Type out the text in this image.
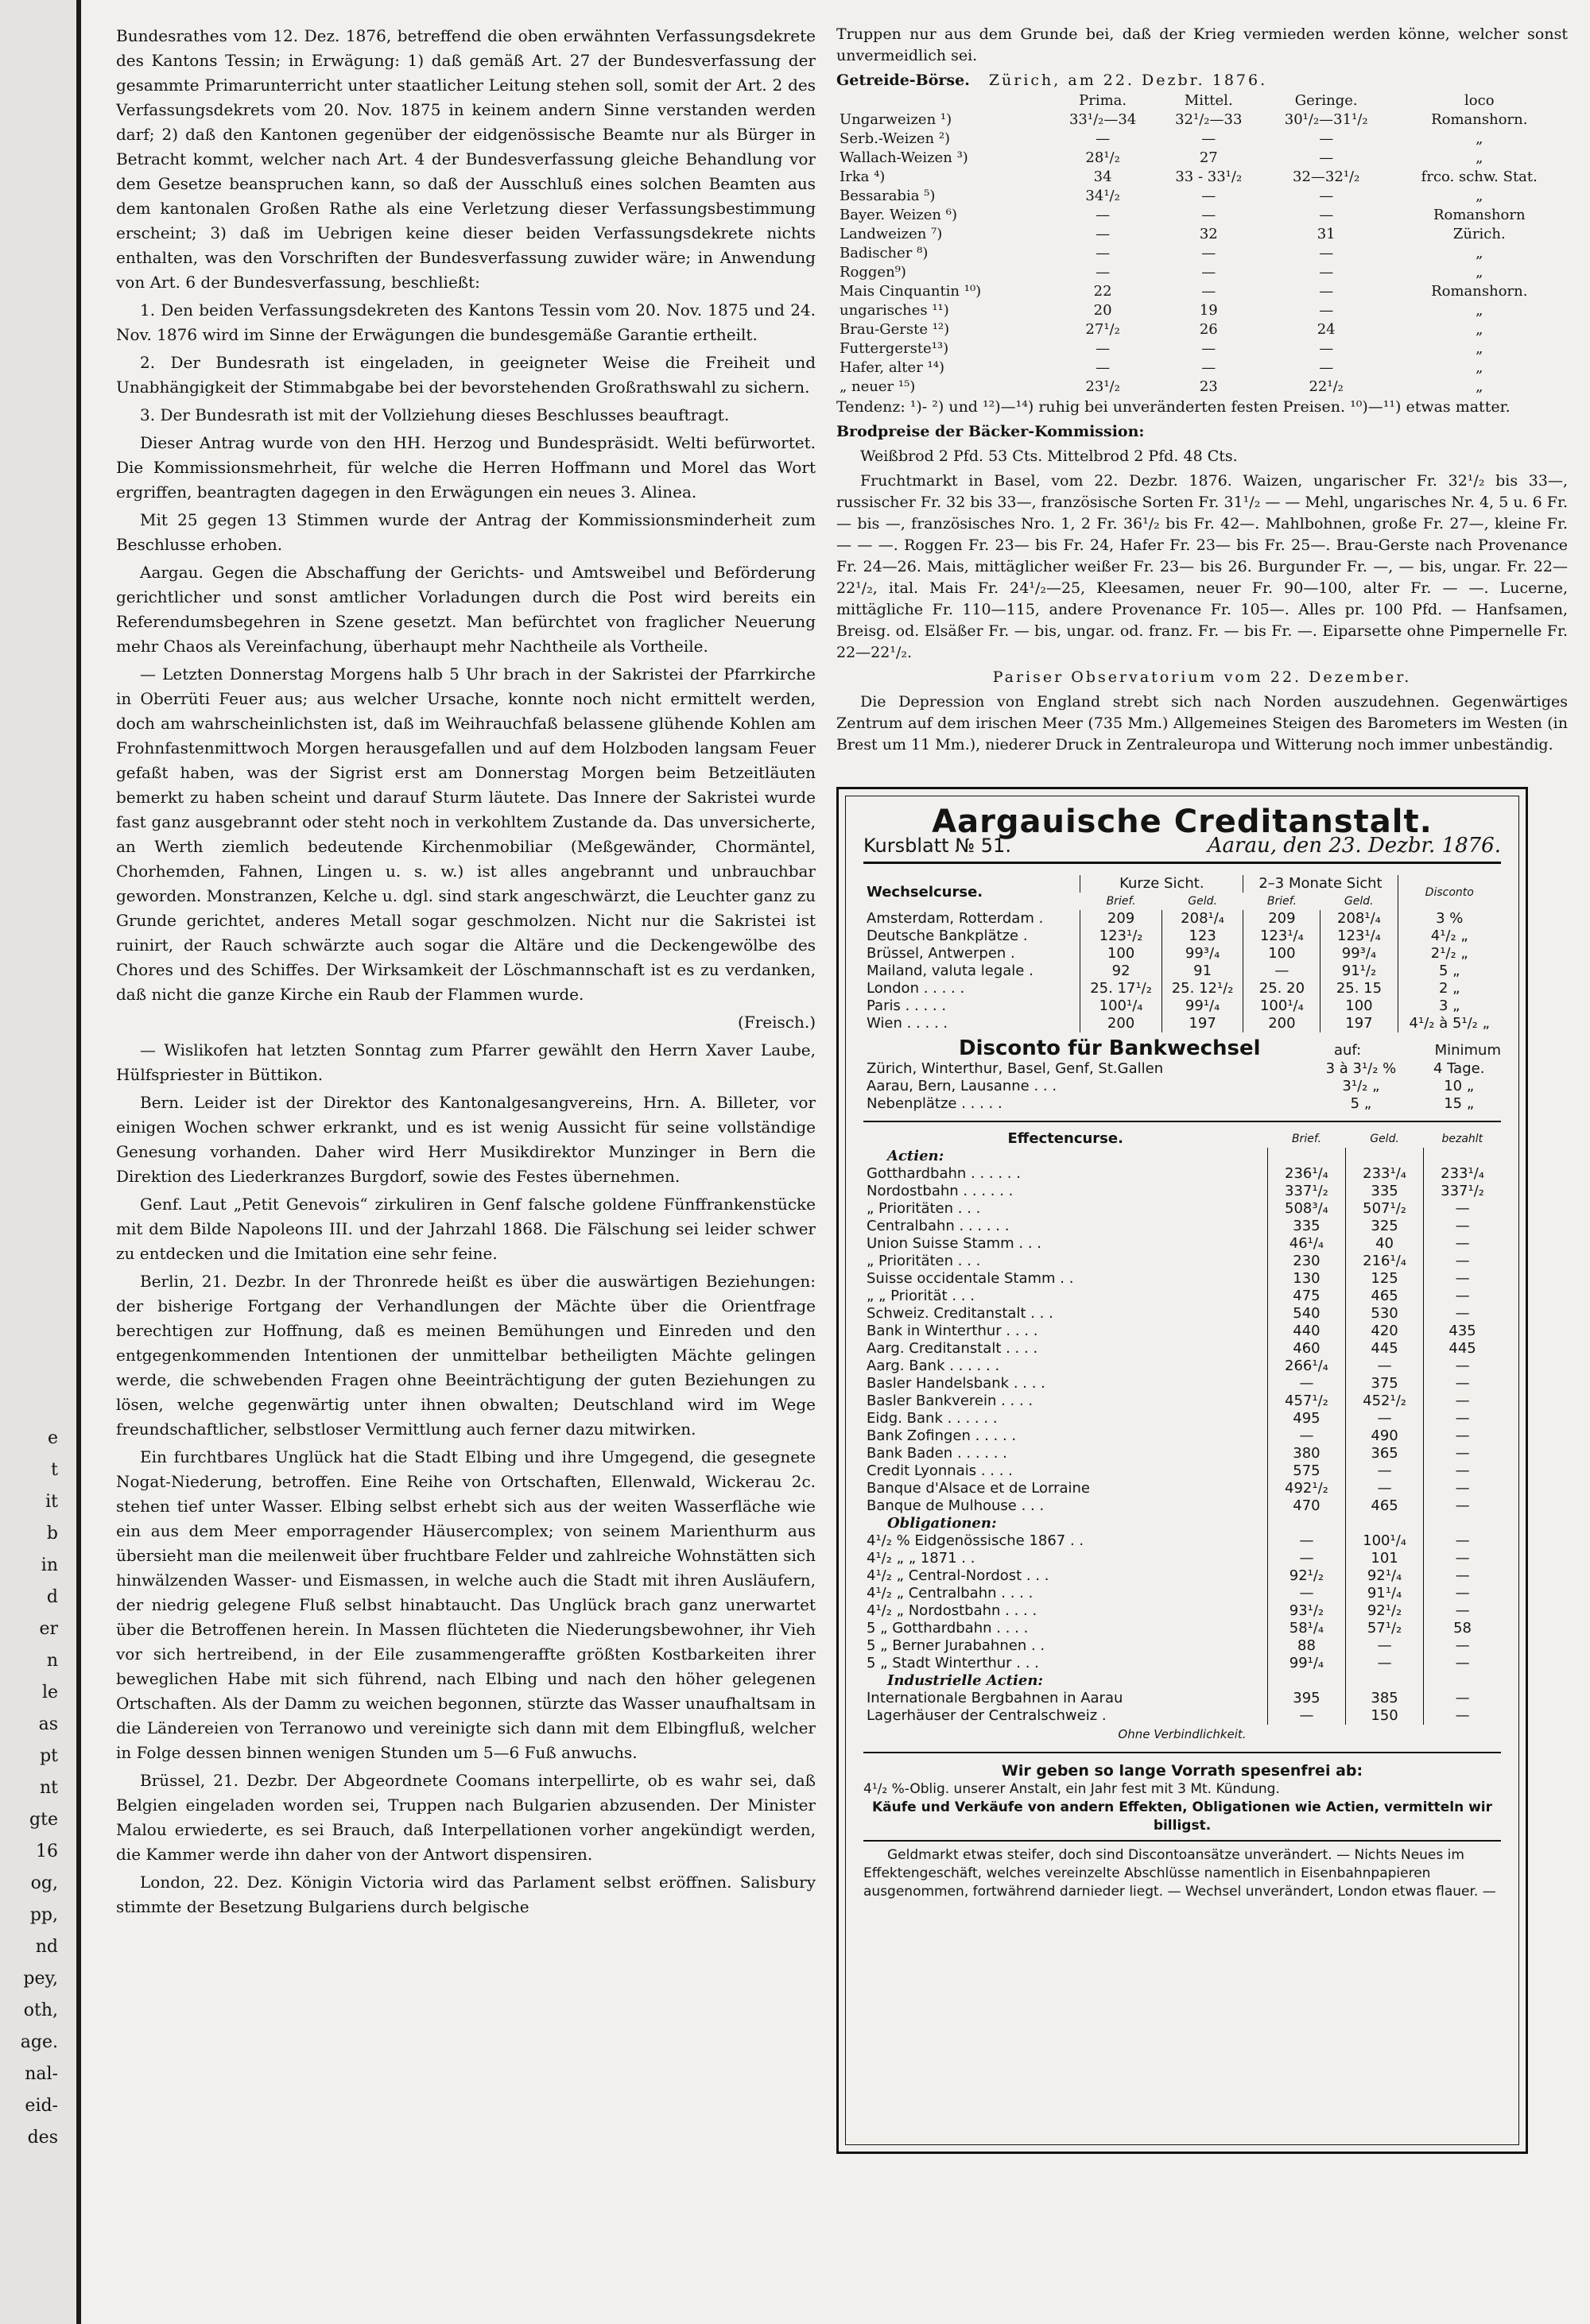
e
t
it
b
in
d
er
n
le
as
pt
nt
gte
16
og,
pp,
nd
pey,
oth,
age.
nal-
eid-
des

Bundesrathes vom 12. Dez. 1876, betreffend die oben erwähnten Verfassungsdekrete des Kantons Tessin; in Erwägung: 1) daß gemäß Art. 27 der Bundesverfassung der gesammte Primarunterricht unter staatlicher Leitung stehen soll, somit der Art. 2 des Verfassungsdekrets vom 20. Nov. 1875 in keinem andern Sinne verstanden werden darf; 2) daß den Kantonen gegenüber der eidgenössische Beamte nur als Bürger in Betracht kommt, welcher nach Art. 4 der Bundesverfassung gleiche Behandlung vor dem Gesetze beanspruchen kann, so daß der Ausschluß eines solchen Beamten aus dem kantonalen Großen Rathe als eine Verletzung dieser Verfassungsbestimmung erscheint; 3) daß im Uebrigen keine dieser beiden Verfassungsdekrete nichts enthalten, was den Vorschriften der Bundesverfassung zuwider wäre; in Anwendung von Art. 6 der Bundesverfassung, beschließt:

1. Den beiden Verfassungsdekreten des Kantons Tessin vom 20. Nov. 1875 und 24. Nov. 1876 wird im Sinne der Erwägungen die bundesgemäße Garantie ertheilt.

2. Der Bundesrath ist eingeladen, in geeigneter Weise die Freiheit und Unabhängigkeit der Stimmabgabe bei der bevorstehenden Großrathswahl zu sichern.

3. Der Bundesrath ist mit der Vollziehung dieses Beschlusses beauftragt.

Dieser Antrag wurde von den HH. Herzog und Bundespräsidt. Welti befürwortet. Die Kommissionsmehrheit, für welche die Herren Hoffmann und Morel das Wort ergriffen, beantragten dagegen in den Erwägungen ein neues 3. Alinea.

Mit 25 gegen 13 Stimmen wurde der Antrag der Kommissionsminderheit zum Beschlusse erhoben.

Aargau. Gegen die Abschaffung der Gerichts- und Amtsweibel und Beförderung gerichtlicher und sonst amtlicher Vorladungen durch die Post wird bereits ein Referendumsbegehren in Szene gesetzt. Man befürchtet von fraglicher Neuerung mehr Chaos als Vereinfachung, überhaupt mehr Nachtheile als Vortheile.

— Letzten Donnerstag Morgens halb 5 Uhr brach in der Sakristei der Pfarrkirche in Oberrüti Feuer aus; aus welcher Ursache, konnte noch nicht ermittelt werden, doch am wahrscheinlichsten ist, daß im Weihrauchfaß belassene glühende Kohlen am Frohnfastenmittwoch Morgen herausgefallen und auf dem Holzboden langsam Feuer gefaßt haben, was der Sigrist erst am Donnerstag Morgen beim Betzeitläuten bemerkt zu haben scheint und darauf Sturm läutete. Das Innere der Sakristei wurde fast ganz ausgebrannt oder steht noch in verkohltem Zustande da. Das unversicherte, an Werth ziemlich bedeutende Kirchenmobiliar (Meßgewänder, Chormäntel, Chorhemden, Fahnen, Lingen u. s. w.) ist alles angebrannt und unbrauchbar geworden. Monstranzen, Kelche u. dgl. sind stark angeschwärzt, die Leuchter ganz zu Grunde gerichtet, anderes Metall sogar geschmolzen. Nicht nur die Sakristei ist ruinirt, der Rauch schwärzte auch sogar die Altäre und die Deckengewölbe des Chores und des Schiffes. Der Wirksamkeit der Löschmannschaft ist es zu verdanken, daß nicht die ganze Kirche ein Raub der Flammen wurde.

(Freisch.)

— Wislikofen hat letzten Sonntag zum Pfarrer gewählt den Herrn Xaver Laube, Hülfspriester in Büttikon.

Bern. Leider ist der Direktor des Kantonalgesangvereins, Hrn. A. Billeter, vor einigen Wochen schwer erkrankt, und es ist wenig Aussicht für seine vollständige Genesung vorhanden. Daher wird Herr Musikdirektor Munzinger in Bern die Direktion des Liederkranzes Burgdorf, sowie des Festes übernehmen.

Genf. Laut „Petit Genevois“ zirkuliren in Genf falsche goldene Fünffrankenstücke mit dem Bilde Napoleons III. und der Jahrzahl 1868. Die Fälschung sei leider schwer zu entdecken und die Imitation eine sehr feine.

Berlin, 21. Dezbr. In der Thronrede heißt es über die auswärtigen Beziehungen: der bisherige Fortgang der Verhandlungen der Mächte über die Orientfrage berechtigen zur Hoffnung, daß es meinen Bemühungen und Einreden und den entgegenkommenden Intentionen der unmittelbar betheiligten Mächte gelingen werde, die schwebenden Fragen ohne Beeinträchtigung der guten Beziehungen zu lösen, welche gegenwärtig unter ihnen obwalten; Deutschland wird im Wege freundschaftlicher, selbstloser Vermittlung auch ferner dazu mitwirken.

Ein furchtbares Unglück hat die Stadt Elbing und ihre Umgegend, die gesegnete Nogat-Niederung, betroffen. Eine Reihe von Ortschaften, Ellenwald, Wickerau 2c. stehen tief unter Wasser. Elbing selbst erhebt sich aus der weiten Wasserfläche wie ein aus dem Meer emporragender Häusercomplex; von seinem Marienthurm aus übersieht man die meilenweit über fruchtbare Felder und zahlreiche Wohnstätten sich hinwälzenden Wasser- und Eismassen, in welche auch die Stadt mit ihren Ausläufern, der niedrig gelegene Fluß selbst hinabtaucht. Das Unglück brach ganz unerwartet über die Betroffenen herein. In Massen flüchteten die Niederungsbewohner, ihr Vieh vor sich hertreibend, in der Eile zusammengeraffte größten Kostbarkeiten ihrer beweglichen Habe mit sich führend, nach Elbing und nach den höher gelegenen Ortschaften. Als der Damm zu weichen begonnen, stürzte das Wasser unaufhaltsam in die Ländereien von Terranowo und vereinigte sich dann mit dem Elbingfluß, welcher in Folge dessen binnen wenigen Stunden um 5—6 Fuß anwuchs.

Brüssel, 21. Dezbr. Der Abgeordnete Coomans interpellirte, ob es wahr sei, daß Belgien eingeladen worden sei, Truppen nach Bulgarien abzusenden. Der Minister Malou erwiederte, es sei Brauch, daß Interpellationen vorher angekündigt werden, die Kammer werde ihn daher von der Antwort dispensiren.

London, 22. Dez. Königin Victoria wird das Parlament selbst eröffnen. Salisbury stimmte der Besetzung Bulgariens durch belgische

Truppen nur aus dem Grunde bei, daß der Krieg vermieden werden könne, welcher sonst unvermeidlich sei.

Getreide-Börse. Zürich, am 22. Dezbr. 1876.
	Prima.	Mittel.	Geringe.	loco
Ungarweizen ¹)	33¹/₂—34	32¹/₂—33	30¹/₂—31¹/₂	Romanshorn.
Serb.-Weizen ²)	—	—	—	„
Wallach-Weizen ³)	28¹/₂	27	—	„
Irka ⁴)	34	33 - 33¹/₂	32—32¹/₂	frco. schw. Stat.
Bessarabia ⁵)	34¹/₂	—	—	„
Bayer. Weizen ⁶)	—	—	—	Romanshorn
Landweizen ⁷)	—	32	31	Zürich.
Badischer ⁸)	—	—	—	„
Roggen⁹)	—	—	—	„
Mais Cinquantin ¹⁰)	22	—	—	Romanshorn.
ungarisches ¹¹)	20	19	—	„
Brau-Gerste ¹²)	27¹/₂	26	24	„
Futtergerste¹³)	—	—	—	„
Hafer, alter ¹⁴)	—	—	—	„
„ neuer ¹⁵)	23¹/₂	23	22¹/₂	„

Tendenz: ¹)- ²) und ¹²)—¹⁴) ruhig bei unveränderten festen Preisen. ¹⁰)—¹¹) etwas matter.

Brodpreise der Bäcker-Kommission:

Weißbrod 2 Pfd. 53 Cts. Mittelbrod 2 Pfd. 48 Cts.

Fruchtmarkt in Basel, vom 22. Dezbr. 1876. Waizen, ungarischer Fr. 32¹/₂ bis 33—, russischer Fr. 32 bis 33—, französische Sorten Fr. 31¹/₂ — — Mehl, ungarisches Nr. 4, 5 u. 6 Fr. — bis —, französisches Nro. 1, 2 Fr. 36¹/₂ bis Fr. 42—. Mahlbohnen, große Fr. 27—, kleine Fr. — — —. Roggen Fr. 23— bis Fr. 24, Hafer Fr. 23— bis Fr. 25—. Brau-Gerste nach Provenance Fr. 24—26. Mais, mittäglicher weißer Fr. 23— bis 26. Burgunder Fr. —, — bis, ungar. Fr. 22—22¹/₂, ital. Mais Fr. 24¹/₂—25, Kleesamen, neuer Fr. 90—100, alter Fr. — —. Lucerne, mittägliche Fr. 110—115, andere Provenance Fr. 105—. Alles pr. 100 Pfd. — Hanfsamen, Breisg. od. Elsäßer Fr. — bis, ungar. od. franz. Fr. — bis Fr. —. Eiparsette ohne Pimpernelle Fr. 22—22¹/₂.

Pariser Observatorium vom 22. Dezember.

Die Depression von England strebt sich nach Norden auszudehnen. Gegenwärtiges Zentrum auf dem irischen Meer (735 Mm.) Allgemeines Steigen des Barometers im Westen (in Brest um 11 Mm.), niederer Druck in Zentraleuropa und Witterung noch immer unbeständig.

Aargauische Creditanstalt.
Kursblatt № 51.	Aarau, den 23. Dezbr. 1876.
Wechselcurse.	Kurze Sicht.		2–3 Monate Sicht		Disconto
	Brief.	Geld.	Brief.	Geld.	
Amsterdam, Rotterdam .	209	208¹/₄	209	208¹/₄	3 %
Deutsche Bankplätze .	123¹/₂	123	123¹/₄	123¹/₄	4¹/₂ „
Brüssel, Antwerpen .	100	99³/₄	100	99³/₄	2¹/₂ „
Mailand, valuta legale .	92	91	—	91¹/₂	5 „
London . . . . .	25. 17¹/₂	25. 12¹/₂	25. 20	25. 15	2 „
Paris . . . . .	100¹/₄	99¹/₄	100¹/₄	100	3 „
Wien . . . . .	200	197	200	197	4¹/₂ à 5¹/₂ „
Disconto für Bankwechsel	auf:	Minimum
Zürich, Winterthur, Basel, Genf, St.Gallen	3 à 3¹/₂ %	4 Tage.
Aarau, Bern, Lausanne . . .	3¹/₂ „	10 „
Nebenplätze . . . . .	5 „	15 „
Effectencurse.	Brief.	Geld.	bezahlt
Actien:			
Gotthardbahn . . . . . .	236¹/₄	233¹/₄	233¹/₄
Nordostbahn . . . . . .	337¹/₂	335	337¹/₂
„ Prioritäten . . .	508³/₄	507¹/₂	—
Centralbahn . . . . . .	335	325	—
Union Suisse Stamm . . .	46¹/₄	40	—
„ Prioritäten . . .	230	216¹/₄	—
Suisse occidentale Stamm . .	130	125	—
„ „ Priorität . . .	475	465	—
Schweiz. Creditanstalt . . .	540	530	—
Bank in Winterthur . . . .	440	420	435
Aarg. Creditanstalt . . . .	460	445	445
Aarg. Bank . . . . . .	266¹/₄	—	—
Basler Handelsbank . . . .	—	375	—
Basler Bankverein . . . .	457¹/₂	452¹/₂	—
Eidg. Bank . . . . . .	495	—	—
Bank Zofingen . . . . .	—	490	—
Bank Baden . . . . . .	380	365	—
Credit Lyonnais . . . .	575	—	—
Banque d'Alsace et de Lorraine	492¹/₂	—	—
Banque de Mulhouse . . .	470	465	—
Obligationen:			
4¹/₂ % Eidgenössische 1867 . .	—	100¹/₄	—
4¹/₂ „ „ 1871 . .	—	101	—
4¹/₂ „ Central-Nordost . . .	92¹/₂	92¹/₄	—
4¹/₂ „ Centralbahn . . . .	—	91¹/₄	—
4¹/₂ „ Nordostbahn . . . .	93¹/₂	92¹/₂	—
5 „ Gotthardbahn . . . .	58¹/₄	57¹/₂	58
5 „ Berner Jurabahnen . .	88	—	—
5 „ Stadt Winterthur . . .	99¹/₄	—	—
Industrielle Actien:			
Internationale Bergbahnen in Aarau	395	385	—
Lagerhäuser der Centralschweiz .	—	150	—
Ohne Verbindlichkeit.
Wir geben so lange Vorrath spesenfrei ab:
4¹/₂ %-Oblig. unserer Anstalt, ein Jahr fest mit 3 Mt. Kündung.
Käufe und Verkäufe von andern Effekten, Obligationen wie Actien, vermitteln wir billigst.
Geldmarkt etwas steifer, doch sind Discontoansätze unverändert. — Nichts Neues im Effektengeschäft, welches vereinzelte Abschlüsse namentlich in Eisenbahnpapieren ausgenommen, fortwährend darnieder liegt. — Wechsel unverändert, London etwas flauer. —
